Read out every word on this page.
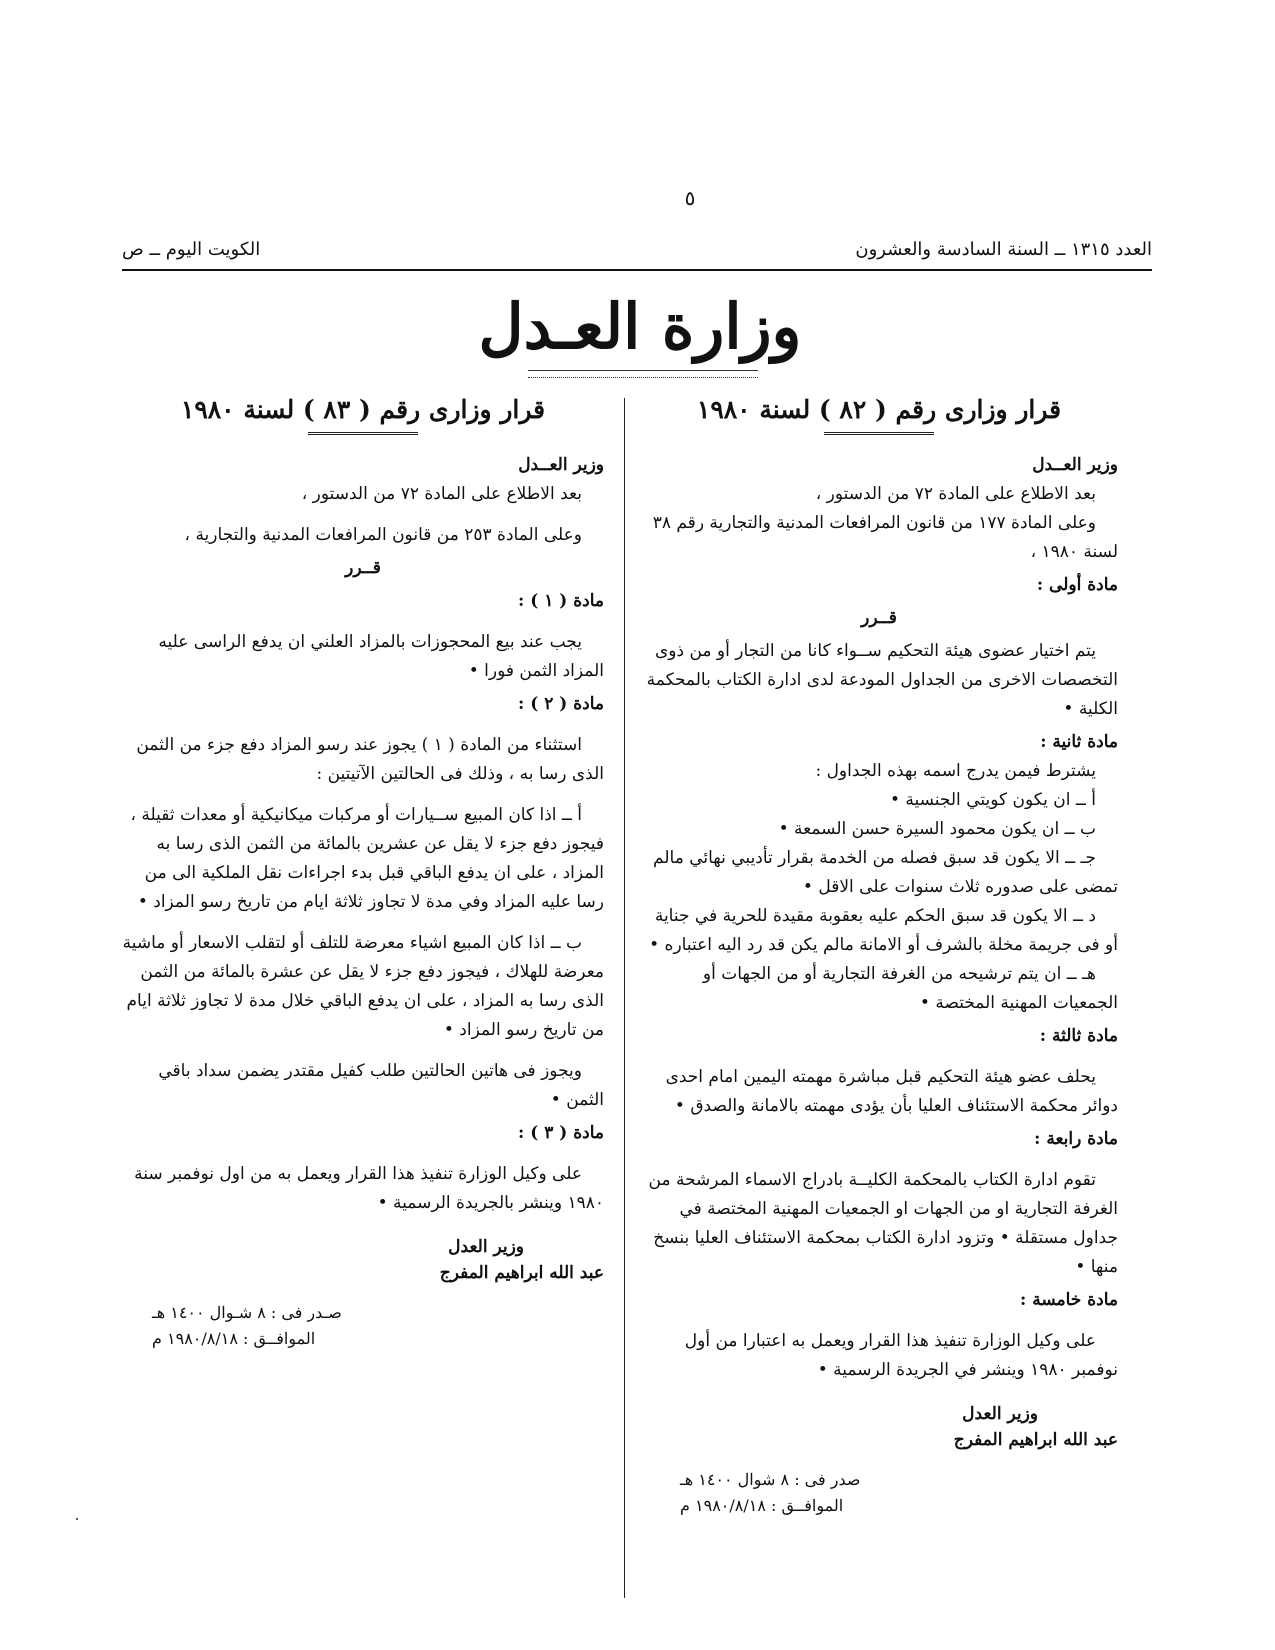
٥
العدد ١٣١٥ ــ السنة السادسة والعشرون
الكويت اليوم ــ ص
وزارة العـدل
قرار وزارى رقم ( ٨٢ ) لسنة ١٩٨٠
وزير العــدل

بعد الاطلاع على المادة ٧٢ من الدستور ،

وعلى المادة ١٧٧ من قانون المرافعات المدنية والتجارية رقم ٣٨ لسنة ١٩٨٠ ،

مادة أولى :
قــرر

يتم اختيار عضوى هيئة التحكيم ســواء كانا من التجار أو من ذوى التخصصات الاخرى من الجداول المودعة لدى ادارة الكتاب بالمحكمة الكلية •

مادة ثانية :

يشترط فيمن يدرج اسمه بهذه الجداول :

أ ــ ان يكون كويتي الجنسية •

ب ــ ان يكون محمود السيرة حسن السمعة •

جـ ــ الا يكون قد سبق فصله من الخدمة بقرار تأديبي نهائي مالم تمضى على صدوره ثلاث سنوات على الاقل •

د ــ الا يكون قد سبق الحكم عليه بعقوبة مقيدة للحرية في جناية أو فى جريمة مخلة بالشرف أو الامانة مالم يكن قد رد اليه اعتباره •

هـ ــ ان يتم ترشيحه من الغرفة التجارية أو من الجهات أو الجمعيات المهنية المختصة •

مادة ثالثة :

يحلف عضو هيئة التحكيم قبل مباشرة مهمته اليمين امام احدى دوائر محكمة الاستئناف العليا بأن يؤدى مهمته بالامانة والصدق •

مادة رابعة :

تقوم ادارة الكتاب بالمحكمة الكليــة بادراج الاسماء المرشحة من الغرفة التجارية او من الجهات او الجمعيات المهنية المختصة في جداول مستقلة • وتزود ادارة الكتاب بمحكمة الاستئناف العليا بنسخ منها •

مادة خامسة :

على وكيل الوزارة تنفيذ هذا القرار ويعمل به اعتبارا من أول نوفمبر ١٩٨٠ وينشر في الجريدة الرسمية •

وزير العدل
عبد الله ابراهيم المفرج
صدر فى : ٨ شوال ١٤٠٠ هـ
الموافــق : ١٩٨٠/٨/١٨ م
قرار وزارى رقم ( ٨٣ ) لسنة ١٩٨٠
وزير العــدل

بعد الاطلاع على المادة ٧٢ من الدستور ،

وعلى المادة ٢٥٣ من قانون المرافعات المدنية والتجارية ،

قــرر
مادة ( ١ ) :

يجب عند بيع المحجوزات بالمزاد العلني ان يدفع الراسى عليه المزاد الثمن فورا •

مادة ( ٢ ) :

استثناء من المادة ( ١ ) يجوز عند رسو المزاد دفع جزء من الثمن الذى رسا به ، وذلك فى الحالتين الآتيتين :

أ ــ اذا كان المبيع ســيارات أو مركبات ميكانيكية أو معدات ثقيلة ، فيجوز دفع جزء لا يقل عن عشرين بالمائة من الثمن الذى رسا به المزاد ، على ان يدفع الباقي قبل بدء اجراءات نقل الملكية الى من رسا عليه المزاد وفي مدة لا تجاوز ثلاثة ايام من تاريخ رسو المزاد •

ب ــ اذا كان المبيع اشياء معرضة للتلف أو لتقلب الاسعار أو ماشية معرضة للهلاك ، فيجوز دفع جزء لا يقل عن عشرة بالمائة من الثمن الذى رسا به المزاد ، على ان يدفع الباقي خلال مدة لا تجاوز ثلاثة ايام من تاريخ رسو المزاد •

ويجوز فى هاتين الحالتين طلب كفيل مقتدر يضمن سداد باقي الثمن •

مادة ( ٣ ) :

على وكيل الوزارة تنفيذ هذا القرار ويعمل به من اول نوفمبر سنة ١٩٨٠ وينشر بالجريدة الرسمية •

وزير العدل
عبد الله ابراهيم المفرج
صـدر فى : ٨ شـوال ١٤٠٠ هـ
الموافــق : ١٩٨٠/٨/١٨ م
